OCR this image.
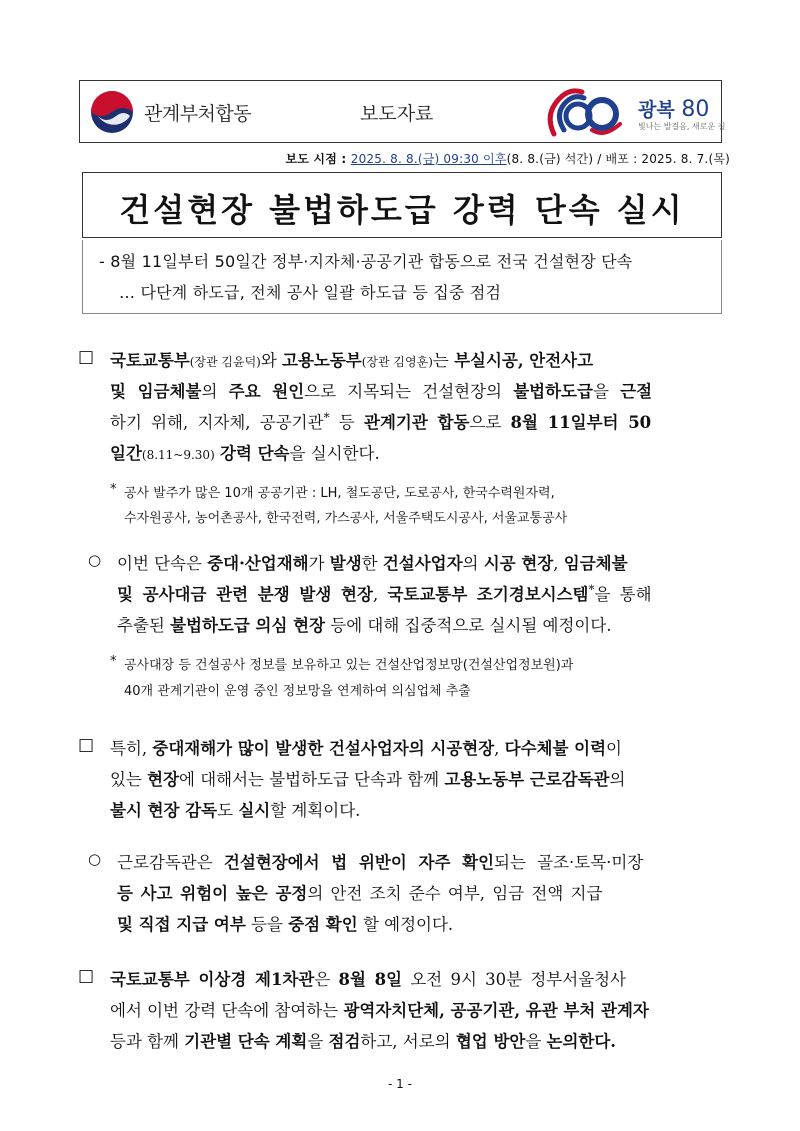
관계부처합동	보도자료	광복 80
빛나는 발걸음, 새로운 길
보도 시점 : 2025. 8. 8.(금) 09:30 이후(8. 8.(금) 석간) / 배포 : 2025. 8. 7.(목)
건설현장 불법하도급 강력 단속 실시
- 8월 11일부터 50일간 정부·지자체·공공기관 합동으로 전국 건설현장 단속
… 다단계 하도급, 전체 공사 일괄 하도급 등 집중 점검
□ 국토교통부(장관 김윤덕)와 고용노동부(장관 김영훈)는 부실시공, 안전사고
및 임금체불의 주요 원인으로 지목되는 건설현장의 불법하도급을 근절
하기 위해, 지자체, 공공기관* 등 관계기관 합동으로 8월 11일부터 50
일간(8.11~9.30) 강력 단속을 실시한다.
* 공사 발주가 많은 10개 공공기관 : LH, 철도공단, 도로공사, 한국수력원자력,
수자원공사, 농어촌공사, 한국전력, 가스공사, 서울주택도시공사, 서울교통공사
○ 이번 단속은 중대·산업재해가 발생한 건설사업자의 시공 현장, 임금체불
및 공사대금 관련 분쟁 발생 현장, 국토교통부 조기경보시스템*을 통해
추출된 불법하도급 의심 현장 등에 대해 집중적으로 실시될 예정이다.
* 공사대장 등 건설공사 정보를 보유하고 있는 건설산업정보망(건설산업정보원)과
40개 관계기관이 운영 중인 정보망을 연계하여 의심업체 추출
□ 특히, 중대재해가 많이 발생한 건설사업자의 시공현장, 다수체불 이력이
있는 현장에 대해서는 불법하도급 단속과 함께 고용노동부 근로감독관의
불시 현장 감독도 실시할 계획이다.
○ 근로감독관은 건설현장에서 법 위반이 자주 확인되는 골조·토목·미장
등 사고 위험이 높은 공정의 안전 조치 준수 여부, 임금 전액 지급
및 직접 지급 여부 등을 중점 확인 할 예정이다.
□ 국토교통부 이상경 제1차관은 8월 8일 오전 9시 30분 정부서울청사
에서 이번 강력 단속에 참여하는 광역자치단체, 공공기관, 유관 부처 관계자
등과 함께 기관별 단속 계획을 점검하고, 서로의 협업 방안을 논의한다.
- 1 -
